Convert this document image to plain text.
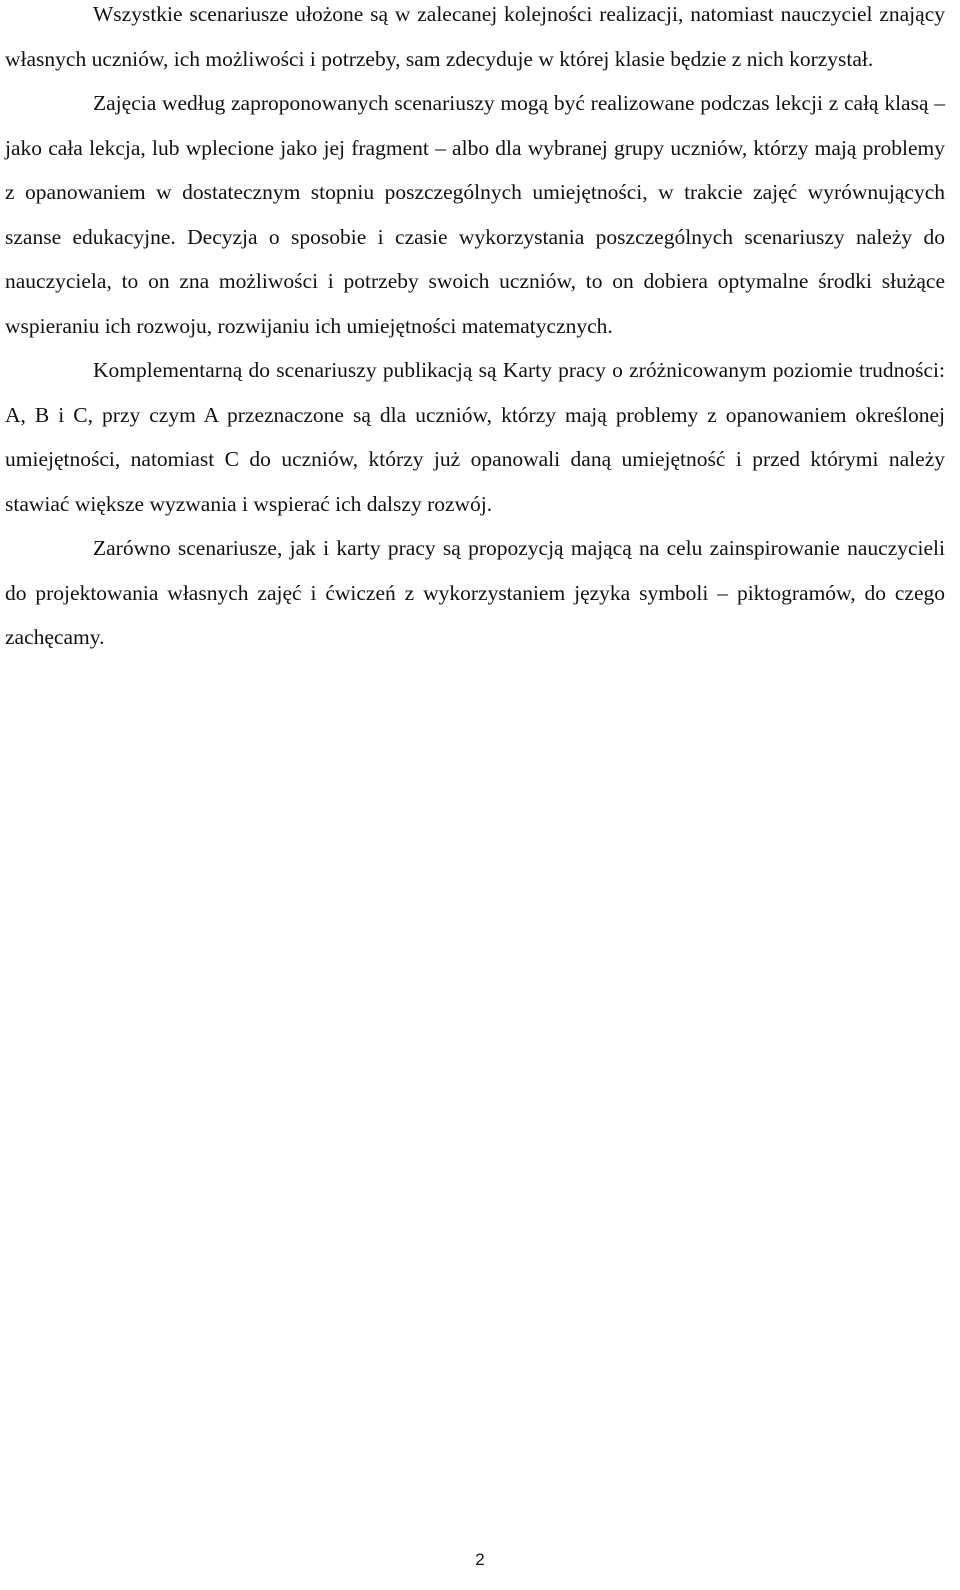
Wszystkie scenariusze ułożone są w zalecanej kolejności realizacji, natomiast nauczyciel znający własnych uczniów, ich możliwości i potrzeby, sam zdecyduje w której klasie będzie z nich korzystał.

Zajęcia według zaproponowanych scenariuszy mogą być realizowane podczas lekcji z całą klasą – jako cała lekcja, lub wplecione jako jej fragment – albo dla wybranej grupy uczniów, którzy mają problemy z opanowaniem w dostatecznym stopniu poszczególnych umiejętności, w trakcie zajęć wyrównujących szanse edukacyjne. Decyzja o sposobie i czasie wykorzystania poszczególnych scenariuszy należy do nauczyciela, to on zna możliwości i potrzeby swoich uczniów, to on dobiera optymalne środki służące wspieraniu ich rozwoju, rozwijaniu ich umiejętności matematycznych.

Komplementarną do scenariuszy publikacją są Karty pracy o zróżnicowanym poziomie trudności: A, B i C, przy czym A przeznaczone są dla uczniów, którzy mają problemy z opanowaniem określonej umiejętności, natomiast C do uczniów, którzy już opanowali daną umiejętność i przed którymi należy stawiać większe wyzwania i wspierać ich dalszy rozwój.

Zarówno scenariusze, jak i karty pracy są propozycją mającą na celu zainspirowanie nauczycieli do projektowania własnych zajęć i ćwiczeń z wykorzystaniem języka symboli – piktogramów, do czego zachęcamy.

2
